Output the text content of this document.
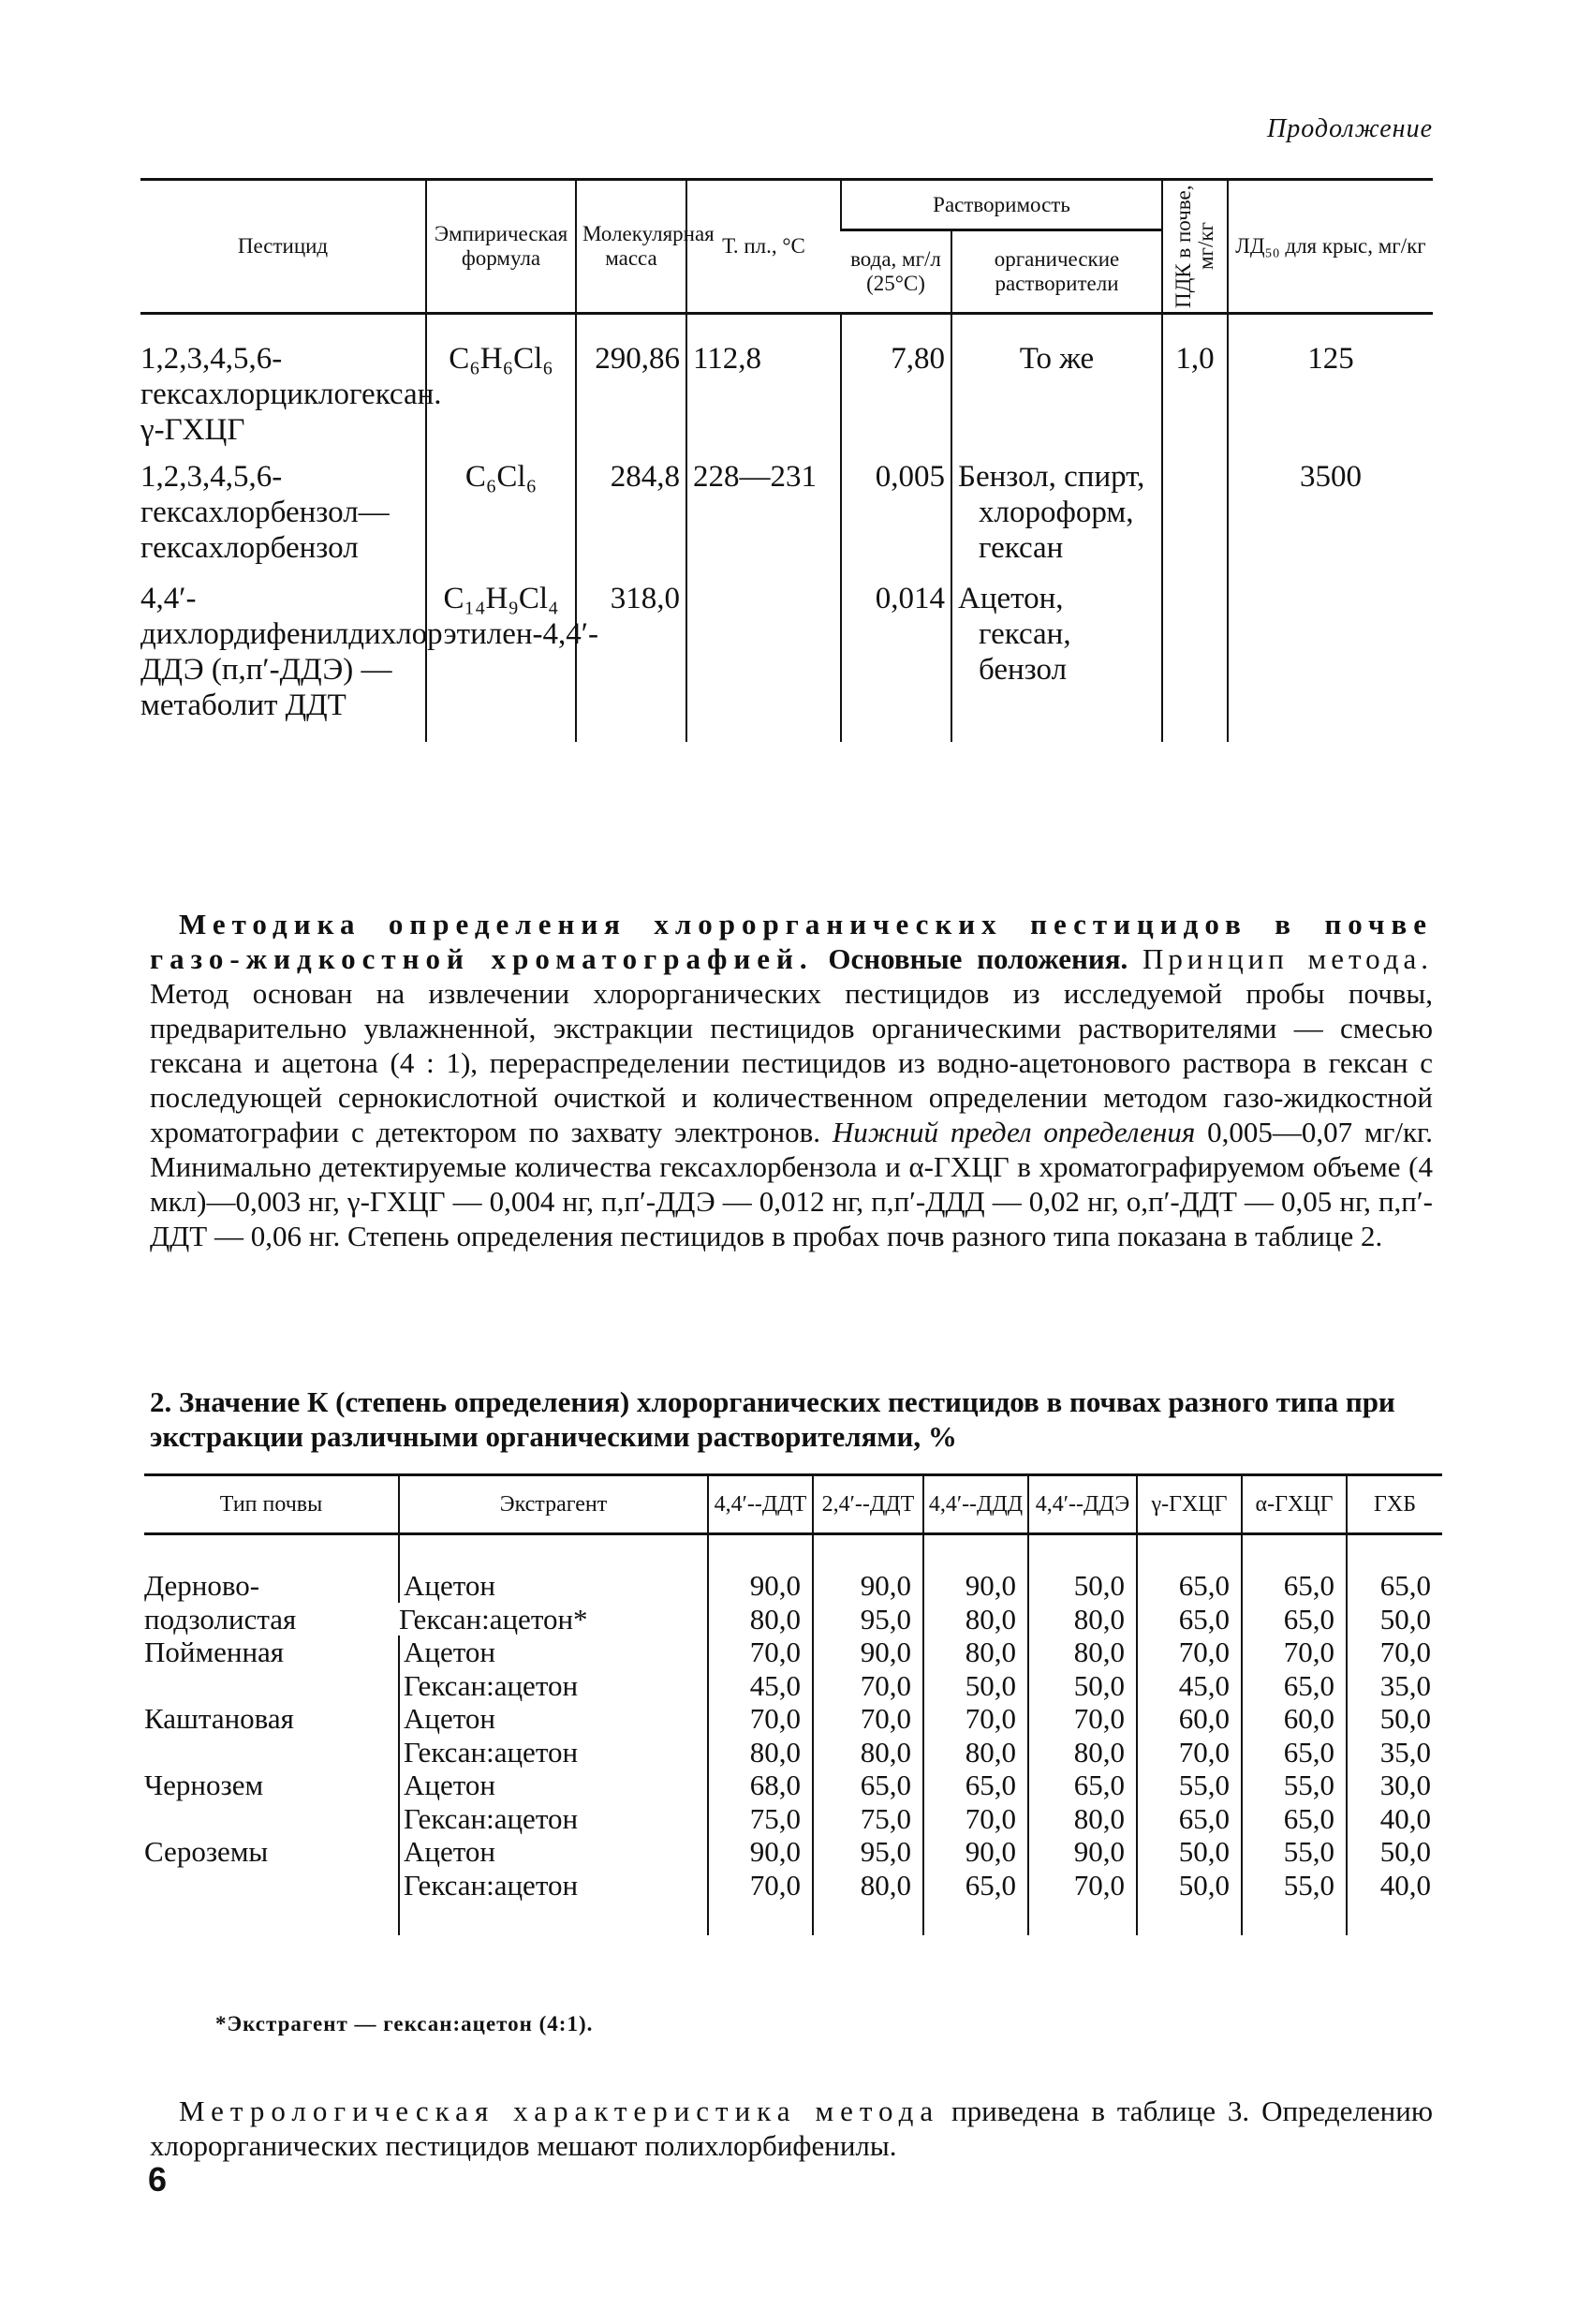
Продолжение
Пестицид	Эмпирическая формула	Молекулярная масса	Т. пл., °С	Растворимость		ПДК в почве, мг/кг	ЛД₅₀ для крыс, мг/кг
				вода, мг/л (25°С)	органические растворители		
1,2,3,4,5,6-гексахлорциклогексан. γ-ГХЦГ	C₆H₆Cl₆	290,86	112,8	7,80	То же	1,0	125
1,2,3,4,5,6-гексахлорбензол—гексахлорбензол	C₆Cl₆	284,8	228—231	0,005	Бензол, спирт, хлороформ, гексан		3500
4,4′-дихлордифенилдихлорэтилен-4,4′-ДДЭ (п,п′-ДДЭ) — метаболит ДДТ	C₁₄H₉Cl₄	318,0		0,014	Ацетон, гексан, бензол		
 Методика определения хлорорганических пестицидов в почве газо-жидкостной хроматографией. Основные положения. Принцип метода. Метод основан на извлечении хлорорганических пестицидов из исследуемой пробы почвы, предварительно увлажненной, экстракции пестицидов органическими растворителями — смесью гексана и ацетона (4 : 1), перераспределении пестицидов из водно-ацетонового раствора в гексан с последующей сернокислотной очисткой и количественном определении методом газо-жидкостной хроматографии с детектором по захвату электронов. Нижний предел определения 0,005—0,07 мг/кг. Минимально детектируемые количества гексахлорбензола и α-ГХЦГ в хроматографируемом объеме (4 мкл)—0,003 нг, γ-ГХЦГ — 0,004 нг, п,п′-ДДЭ — 0,012 нг, п,п′-ДДД — 0,02 нг, о,п′-ДДТ — 0,05 нг, п,п′-ДДТ — 0,06 нг. Степень определения пестицидов в пробах почв разного типа показана в таблице 2.
2. Значение К (степень определения) хлорорганических пестицидов в почвах разного типа при экстракции различными органическими растворителями, %
Тип почвы	Экстрагент	4,4′--ДДТ	2,4′--ДДТ	4,4′--ДДД	4,4′--ДДЭ	γ-ГХЦГ	α-ГХЦГ	ГХБ

Дерново-подзолистая	Ацетон	90,0	90,0	90,0	50,0	65,0	65,0	65,0
	Гексан:ацетон*	80,0	95,0	80,0	80,0	65,0	65,0	50,0
Пойменная	Ацетон	70,0	90,0	80,0	80,0	70,0	70,0	70,0
	Гексан:ацетон	45,0	70,0	50,0	50,0	45,0	65,0	35,0
Каштановая	Ацетон	70,0	70,0	70,0	70,0	60,0	60,0	50,0
	Гексан:ацетон	80,0	80,0	80,0	80,0	70,0	65,0	35,0
Чернозем	Ацетон	68,0	65,0	65,0	65,0	55,0	55,0	30,0
	Гексан:ацетон	75,0	75,0	70,0	80,0	65,0	65,0	40,0
Сероземы	Ацетон	90,0	95,0	90,0	90,0	50,0	55,0	50,0
	Гексан:ацетон	70,0	80,0	65,0	70,0	50,0	55,0	40,0

*Экстрагент — гексан:ацетон (4:1).
 Метрологическая характеристика метода приведена в таблице 3. Определению хлорорганических пестицидов мешают полихлорбифенилы.
6
